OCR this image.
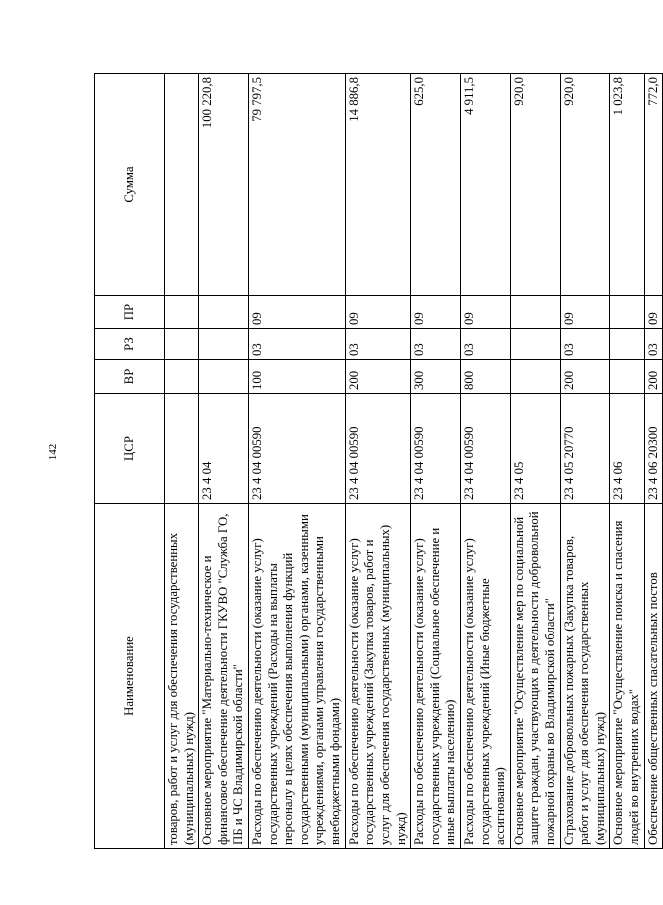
142
Наименование	ЦСР	ВР	РЗ	ПР	Сумма
товаров, работ и услуг для обеспечения государственных (муниципальных) нужд)					
Основное мероприятие "Материально-техническое и финансовое обеспечение деятельности ГКУВО "Служба ГО, ПБ и ЧС Владимирской области"	23 4 04				100 220,8
Расходы по обеспечению деятельности (оказание услуг) государственных учреждений (Расходы на выплаты персоналу в целях обеспечения выполнения функций государственными (муниципальными) органами, казенными учреждениями, органами управления государственными внебюджетными фондами)	23 4 04 00590	100	03	09	79 797,5
Расходы по обеспечению деятельности (оказание услуг) государственных учреждений (Закупка товаров, работ и услуг для обеспечения государственных (муниципальных) нужд)	23 4 04 00590	200	03	09	14 886,8
Расходы по обеспечению деятельности (оказание услуг) государственных учреждений (Социальное обеспечение и иные выплаты населению)	23 4 04 00590	300	03	09	625,0
Расходы по обеспечению деятельности (оказание услуг) государственных учреждений (Иные бюджетные ассигнования)	23 4 04 00590	800	03	09	4 911,5
Основное мероприятие "Осуществление мер по социальной защите граждан, участвующих в деятельности добровольной пожарной охраны во Владимирской области"	23 4 05				920,0
Страхование добровольных пожарных (Закупка товаров, работ и услуг для обеспечения государственных (муниципальных) нужд)	23 4 05 20770	200	03	09	920,0
Основное мероприятие "Осуществление поиска и спасения людей во внутренних водах"	23 4 06				1 023,8
Обеспечение общественных спасательных постов	23 4 06 20300	200	03	09	772,0
